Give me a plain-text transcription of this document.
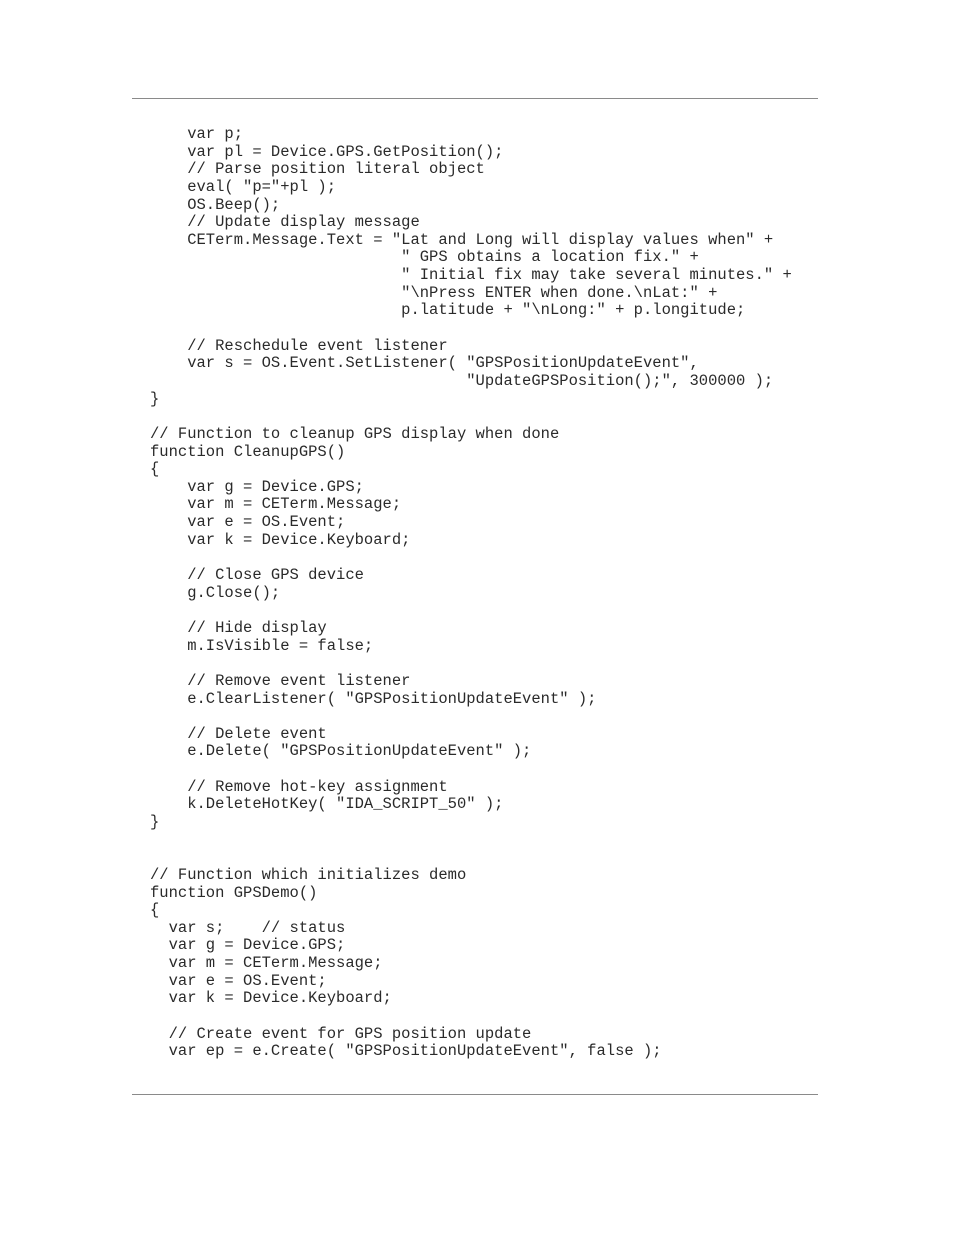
var p;
var pl = Device.GPS.GetPosition();
// Parse position literal object
eval( "p="+pl );
OS.Beep();
// Update display message
CETerm.Message.Text = "Lat and Long will display values when" +
" GPS obtains a location fix." +
" Initial fix may take several minutes." +
"\nPress ENTER when done.\nLat:" +
p.latitude + "\nLong:" + p.longitude;
// Reschedule event listener
var s = OS.Event.SetListener( "GPSPositionUpdateEvent",
"UpdateGPSPosition();", 300000 );
}
// Function to cleanup GPS display when done
function CleanupGPS()
{
var g = Device.GPS;
var m = CETerm.Message;
var e = OS.Event;
var k = Device.Keyboard;
// Close GPS device
g.Close();
// Hide display
m.IsVisible = false;
// Remove event listener
e.ClearListener( "GPSPositionUpdateEvent" );
// Delete event
e.Delete( "GPSPositionUpdateEvent" );
// Remove hot-key assignment
k.DeleteHotKey( "IDA_SCRIPT_50" );
}
// Function which initializes demo
function GPSDemo()
{
var s;    // status
var g = Device.GPS;
var m = CETerm.Message;
var e = OS.Event;
var k = Device.Keyboard;
// Create event for GPS position update
var ep = e.Create( "GPSPositionUpdateEvent", false );
